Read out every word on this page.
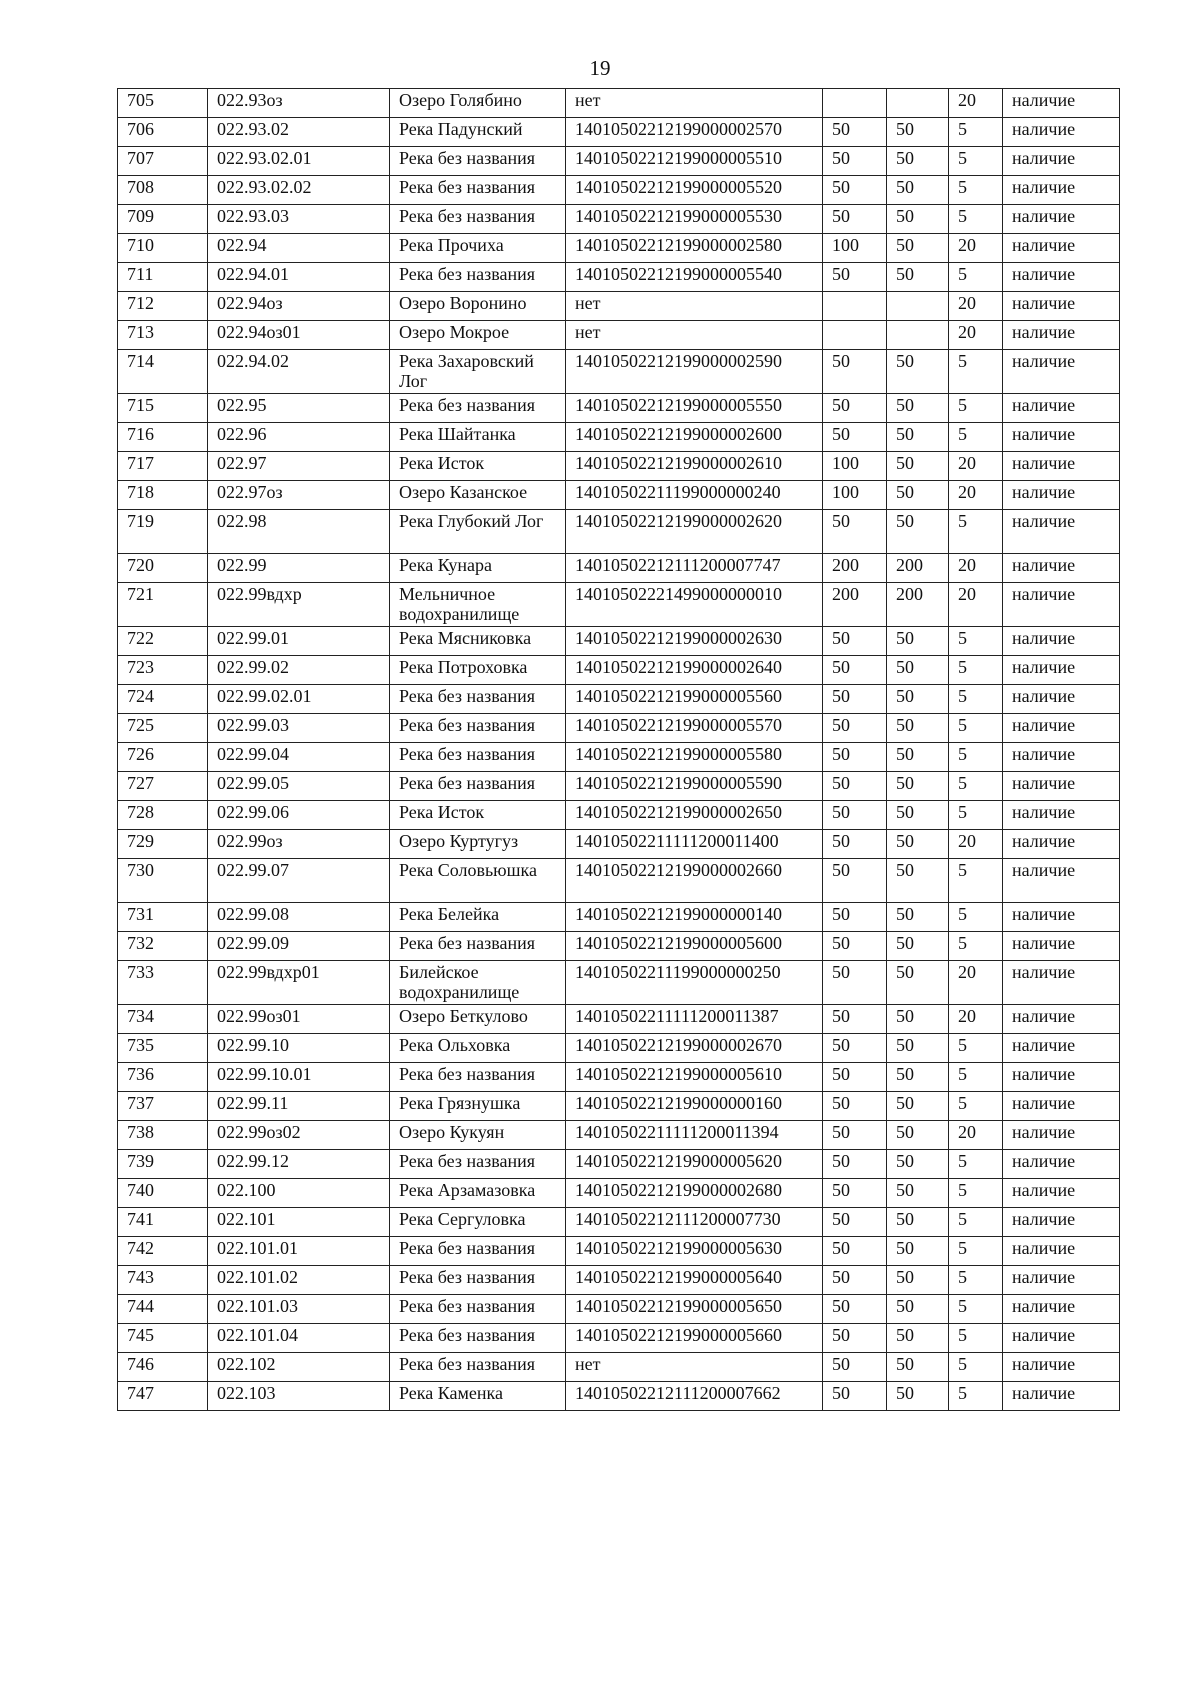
19
705	022.93оз	Озеро Голябино	нет			20	наличие
706	022.93.02	Река Падунский	14010502212199000002570	50	50	5	наличие
707	022.93.02.01	Река без названия	14010502212199000005510	50	50	5	наличие
708	022.93.02.02	Река без названия	14010502212199000005520	50	50	5	наличие
709	022.93.03	Река без названия	14010502212199000005530	50	50	5	наличие
710	022.94	Река Прочиха	14010502212199000002580	100	50	20	наличие
711	022.94.01	Река без названия	14010502212199000005540	50	50	5	наличие
712	022.94оз	Озеро Воронино	нет			20	наличие
713	022.94оз01	Озеро Мокрое	нет			20	наличие
714	022.94.02	Река Захаровский Лог	14010502212199000002590	50	50	5	наличие
715	022.95	Река без названия	14010502212199000005550	50	50	5	наличие
716	022.96	Река Шайтанка	14010502212199000002600	50	50	5	наличие
717	022.97	Река Исток	14010502212199000002610	100	50	20	наличие
718	022.97оз	Озеро Казанское	14010502211199000000240	100	50	20	наличие
719	022.98	Река Глубокий Лог	14010502212199000002620	50	50	5	наличие
720	022.99	Река Кунара	14010502212111200007747	200	200	20	наличие
721	022.99вдхр	Мельничное водохранилище	14010502221499000000010	200	200	20	наличие
722	022.99.01	Река Мясниковка	14010502212199000002630	50	50	5	наличие
723	022.99.02	Река Потроховка	14010502212199000002640	50	50	5	наличие
724	022.99.02.01	Река без названия	14010502212199000005560	50	50	5	наличие
725	022.99.03	Река без названия	14010502212199000005570	50	50	5	наличие
726	022.99.04	Река без названия	14010502212199000005580	50	50	5	наличие
727	022.99.05	Река без названия	14010502212199000005590	50	50	5	наличие
728	022.99.06	Река Исток	14010502212199000002650	50	50	5	наличие
729	022.99оз	Озеро Куртугуз	14010502211111200011400	50	50	20	наличие
730	022.99.07	Река Соловьюшка	14010502212199000002660	50	50	5	наличие
731	022.99.08	Река Белейка	14010502212199000000140	50	50	5	наличие
732	022.99.09	Река без названия	14010502212199000005600	50	50	5	наличие
733	022.99вдхр01	Билейское водохранилище	14010502211199000000250	50	50	20	наличие
734	022.99оз01	Озеро Беткулово	14010502211111200011387	50	50	20	наличие
735	022.99.10	Река Ольховка	14010502212199000002670	50	50	5	наличие
736	022.99.10.01	Река без названия	14010502212199000005610	50	50	5	наличие
737	022.99.11	Река Грязнушка	14010502212199000000160	50	50	5	наличие
738	022.99оз02	Озеро Кукуян	14010502211111200011394	50	50	20	наличие
739	022.99.12	Река без названия	14010502212199000005620	50	50	5	наличие
740	022.100	Река Арзамазовка	14010502212199000002680	50	50	5	наличие
741	022.101	Река Сергуловка	14010502212111200007730	50	50	5	наличие
742	022.101.01	Река без названия	14010502212199000005630	50	50	5	наличие
743	022.101.02	Река без названия	14010502212199000005640	50	50	5	наличие
744	022.101.03	Река без названия	14010502212199000005650	50	50	5	наличие
745	022.101.04	Река без названия	14010502212199000005660	50	50	5	наличие
746	022.102	Река без названия	нет	50	50	5	наличие
747	022.103	Река Каменка	14010502212111200007662	50	50	5	наличие
